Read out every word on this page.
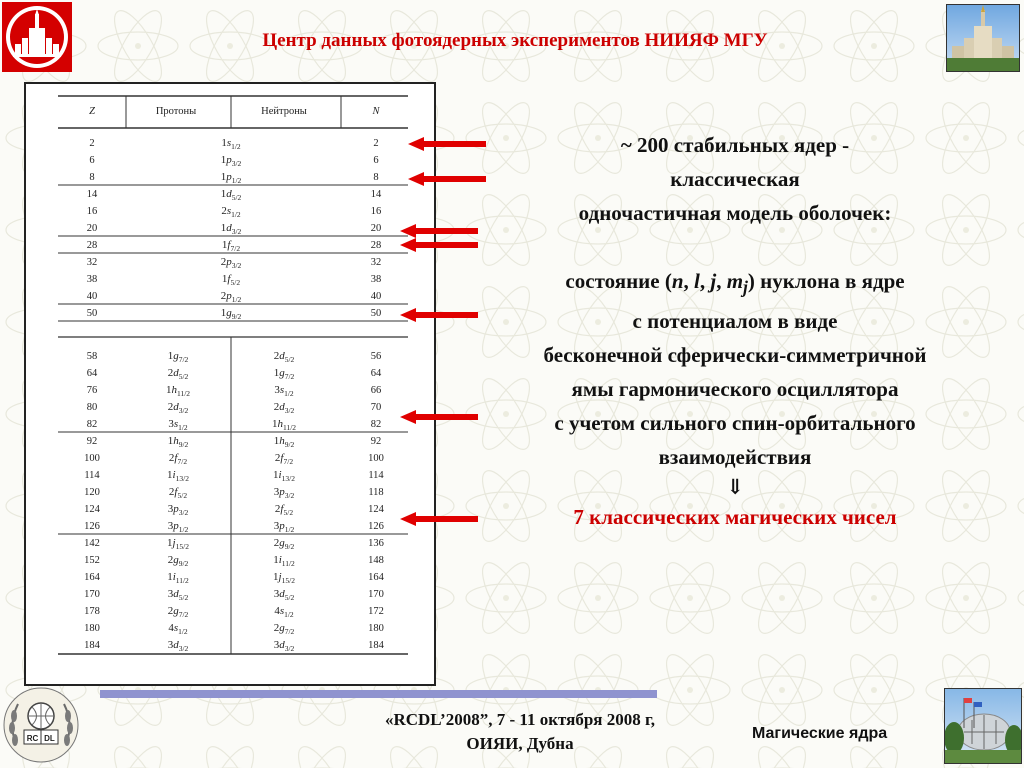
Центр данных фотоядерных экспериментов НИИЯФ МГУ
Z	Протоны	Нейтроны	N
2	$1s_{1/2}$	2
6	$1p_{3/2}$	6
8	$1p_{1/2}$	8
14	$1d_{5/2}$	14
16	$2s_{1/2}$	16
20	$1d_{3/2}$	20
28	$1f_{7/2}$	28
32	$2p_{3/2}$	32
38	$1f_{5/2}$	38
40	$2p_{1/2}$	40
50	$1g_{9/2}$	50
58	$1g_{7/2}$	$2d_{5/2}$	56
64	$2d_{5/2}$	$1g_{7/2}$	64
76	$1h_{11/2}$	$3s_{1/2}$	66
80	$2d_{3/2}$	$2d_{3/2}$	70
82	$3s_{1/2}$	$1h_{11/2}$	82
92	$1h_{9/2}$	$1h_{9/2}$	92
100	$2f_{7/2}$	$2f_{7/2}$	100
114	$1i_{13/2}$	$1i_{13/2}$	114
120	$2f_{5/2}$	$3p_{3/2}$	118
124	$3p_{3/2}$	$2f_{5/2}$	124
126	$3p_{1/2}$	$3p_{1/2}$	126
142	$1j_{15/2}$	$2g_{9/2}$	136
152	$2g_{9/2}$	$1i_{11/2}$	148
164	$1i_{11/2}$	$1j_{15/2}$	164
170	$3d_{5/2}$	$3d_{5/2}$	170
178	$2g_{7/2}$	$4s_{1/2}$	172
180	$4s_{1/2}$	$2g_{7/2}$	180
184	$3d_{3/2}$	$3d_{3/2}$	184
~ 200 стабильных ядер -
классическая
одночастичная модель оболочек:

состояние (n, l, j, $m_j$) нуклона в ядре
с потенциалом в виде
бесконечной сферически-симметричной
ямы гармонического осциллятора
с учетом сильного спин-орбитального
взаимодействия
⇓
7 классических магических чисел
RC DL
«RCDL’2008”, 7 - 11 октября 2008 г,
ОИЯИ, Дубна
Магические ядра
